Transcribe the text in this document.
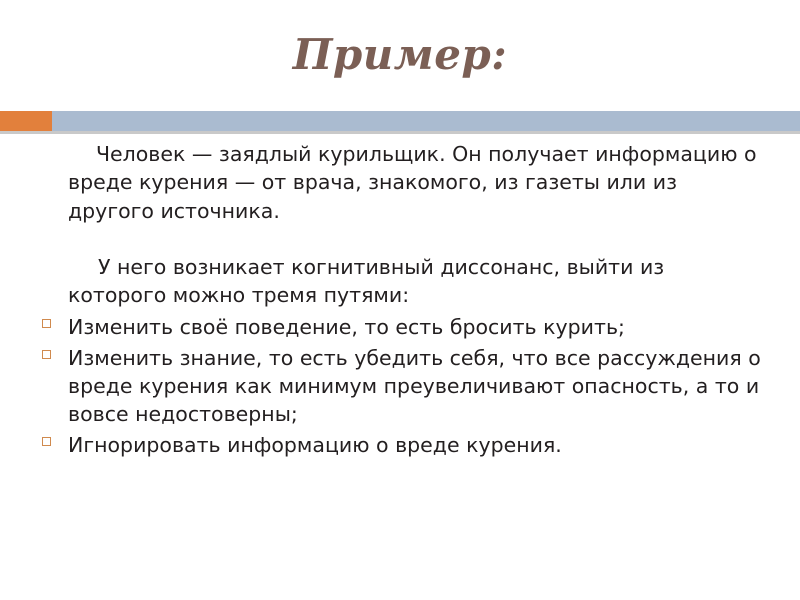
Пример:

Человек — заядлый курильщик. Он получает информацию о вреде курения — от врача, знакомого, из газеты или из другого источника.

У него возникает когнитивный диссонанс, выйти из которого можно тремя путями:

Изменить своё поведение, то есть бросить курить;
Изменить знание, то есть убедить себя, что все рассуждения о вреде курения как минимум преувеличивают опасность, а то и вовсе недостоверны;
Игнорировать информацию о вреде курения.
